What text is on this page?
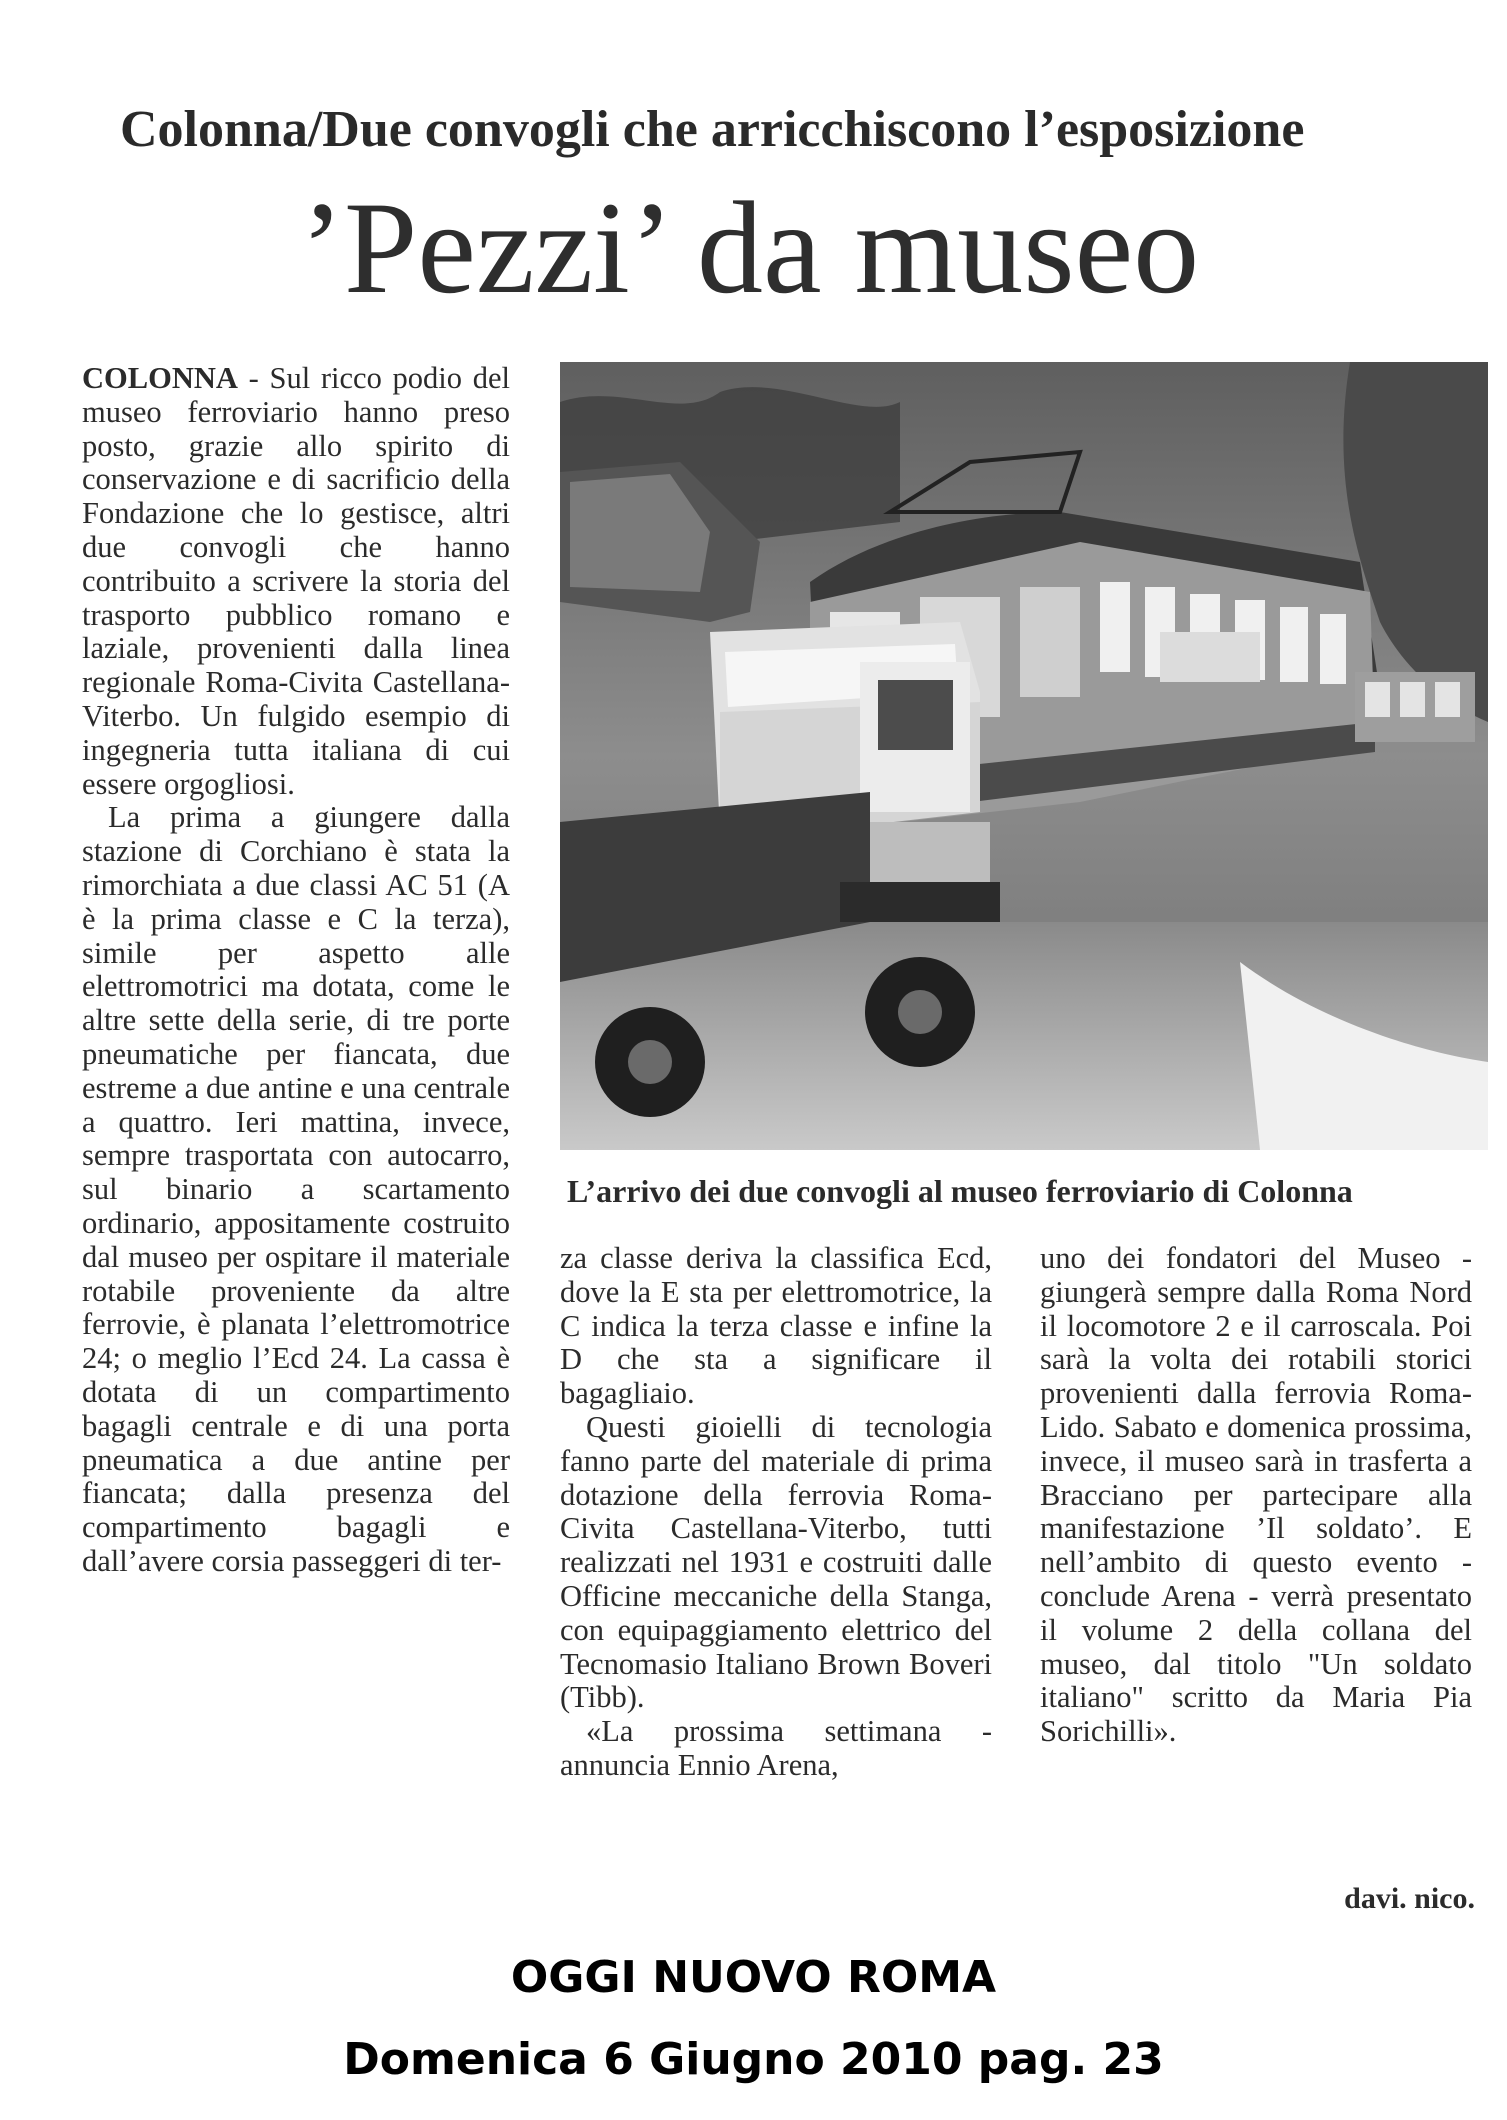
Colonna/Due convogli che arricchiscono l’esposizione
’Pezzi’ da museo

COLONNA - Sul ricco podio del museo ferroviario hanno preso posto, grazie allo spirito di conservazione e di sacrificio della Fondazione che lo gestisce, altri due convogli che hanno contribuito a scrivere la storia del trasporto pubblico romano e laziale, provenienti dalla linea regionale Roma-Civita Castellana-Viterbo. Un fulgido esempio di ingegneria tutta italiana di cui essere orgogliosi.

La prima a giungere dalla stazione di Corchiano è stata la rimorchiata a due classi AC 51 (A è la prima classe e C la terza), simile per aspetto alle elettromotrici ma dotata, come le altre sette della serie, di tre porte pneumatiche per fiancata, due estreme a due antine e una centrale a quattro. Ieri mattina, invece, sempre trasportata con autocarro, sul binario a scartamento ordinario, appositamente costruito dal museo per ospitare il materiale rotabile proveniente da altre ferrovie, è planata l’elettromotrice 24; o meglio l’Ecd 24. La cassa è dotata di un compartimento bagagli centrale e di una porta pneumatica a due antine per fiancata; dalla presenza del compartimento bagagli e dall’avere corsia passeggeri di ter-

L’arrivo dei due convogli al museo ferroviario di Colonna

za classe deriva la classifica Ecd, dove la E sta per elettromotrice, la C indica la terza classe e infine la D che sta a significare il bagagliaio.

Questi gioielli di tecnologia fanno parte del materiale di prima dotazione della ferrovia Roma-Civita Castellana-Viterbo, tutti realizzati nel 1931 e costruiti dalle Officine meccaniche della Stanga, con equipaggiamento elettrico del Tecnomasio Italiano Brown Boveri (Tibb).

«La prossima settimana - annuncia Ennio Arena,

uno dei fondatori del Museo - giungerà sempre dalla Roma Nord il locomotore 2 e il carroscala. Poi sarà la volta dei rotabili storici provenienti dalla ferrovia Roma-Lido. Sabato e domenica prossima, invece, il museo sarà in trasferta a Bracciano per partecipare alla manifestazione ’Il soldato’. E nell’ambito di questo evento - conclude Arena - verrà presentato il volume 2 della collana del museo, dal titolo "Un soldato italiano" scritto da Maria Pia Sorichilli».

davi. nico.
OGGI NUOVO ROMA
Domenica 6 Giugno 2010 pag. 23
